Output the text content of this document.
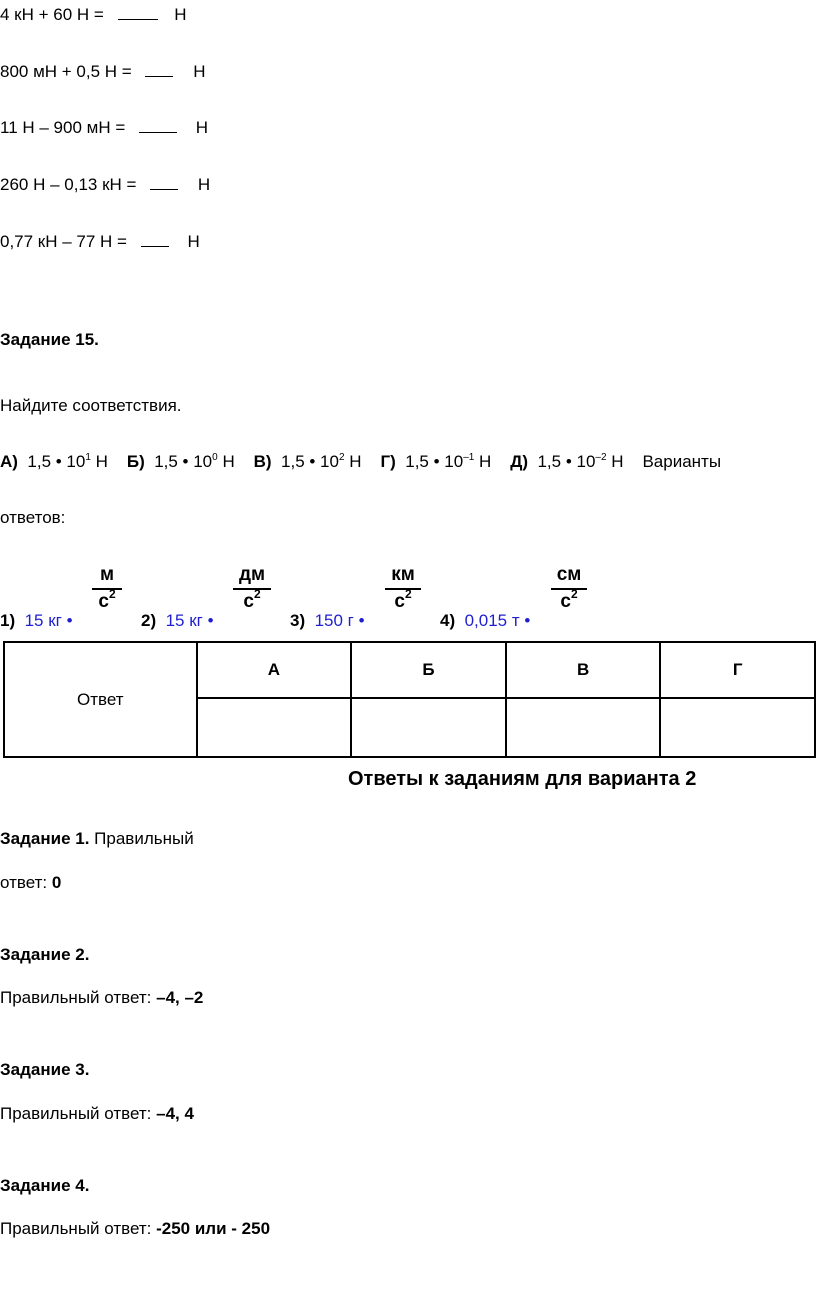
4 кН + 60 Н =	Н
800 мН + 0,5 Н =	Н
11 Н – 900 мН =	Н
260 Н – 0,13 кН =	Н
0,77 кН – 77 Н =	Н
Задание 15.
Найдите соответствия.
А) 1,5 • $10^1$ Н Б) 1,5 • $10^0$ Н В) 1,5 • $10^2$ Н Г) 1,5 • $10^{-1}$ Н Д) 1,5 • $10^{-2}$ Н Варианты
ответов:
м
$с^2$
дм
$с^2$
км
$с^2$
см
$с^2$
1) 15 кг •	2) 15 кг •	3) 150 г •	4) 0,015 т •
Ответ	А	Б	В	Г

Ответы к заданиям для варианта 2
Задание 1. Правильный
ответ: 0
Задание 2.
Правильный ответ: –4, –2
Задание 3.
Правильный ответ: –4, 4
Задание 4.
Правильный ответ: -250 или - 250
